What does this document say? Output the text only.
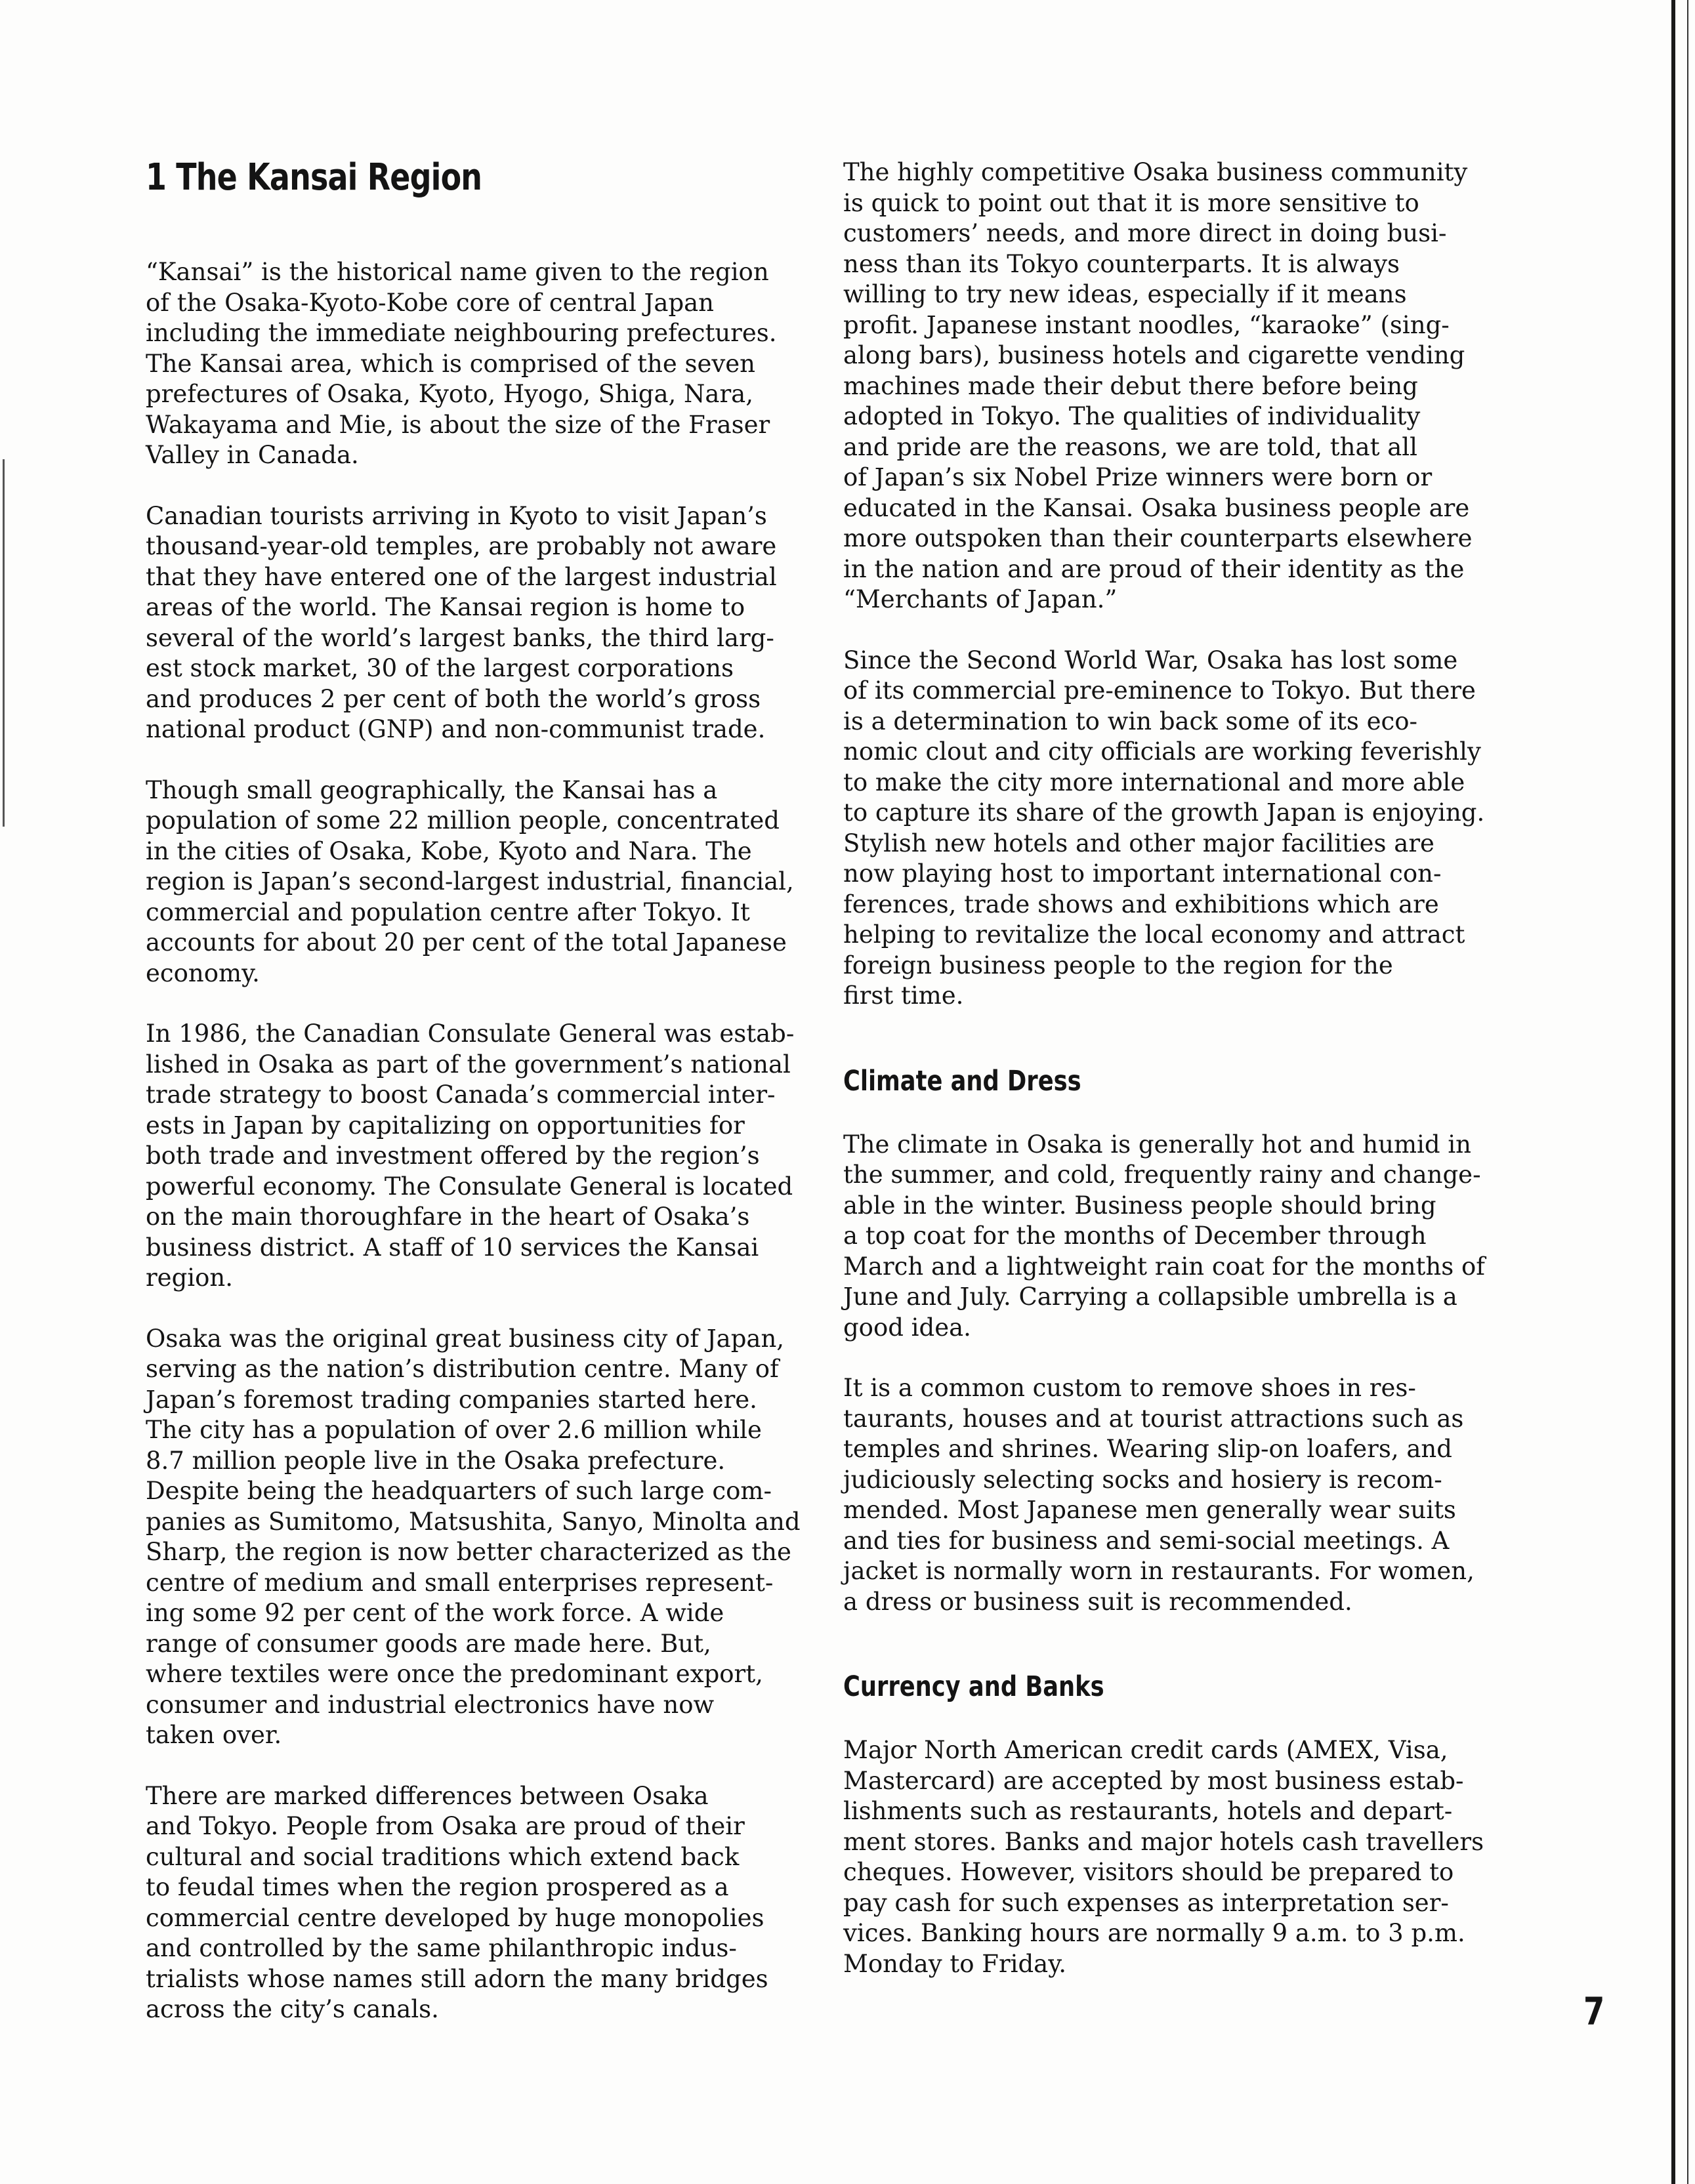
1 The Kansai Region

“Kansai” is the historical name given to the region
of the Osaka-Kyoto-Kobe core of central Japan
including the immediate neighbouring prefectures.
The Kansai area, which is comprised of the seven
prefectures of Osaka, Kyoto, Hyogo, Shiga, Nara,
Wakayama and Mie, is about the size of the Fraser
Valley in Canada.

Canadian tourists arriving in Kyoto to visit Japan’s
thousand-year-old temples, are probably not aware
that they have entered one of the largest industrial
areas of the world. The Kansai region is home to
several of the world’s largest banks, the third larg-
est stock market, 30 of the largest corporations
and produces 2 per cent of both the world’s gross
national product (GNP) and non-communist trade.

Though small geographically, the Kansai has a
population of some 22 million people, concentrated
in the cities of Osaka, Kobe, Kyoto and Nara. The
region is Japan’s second-largest industrial, financial,
commercial and population centre after Tokyo. It
accounts for about 20 per cent of the total Japanese
economy.

In 1986, the Canadian Consulate General was estab-
lished in Osaka as part of the government’s national
trade strategy to boost Canada’s commercial inter-
ests in Japan by capitalizing on opportunities for
both trade and investment offered by the region’s
powerful economy. The Consulate General is located
on the main thoroughfare in the heart of Osaka’s
business district. A staff of 10 services the Kansai
region.

Osaka was the original great business city of Japan,
serving as the nation’s distribution centre. Many of
Japan’s foremost trading companies started here.
The city has a population of over 2.6 million while
8.7 million people live in the Osaka prefecture.
Despite being the headquarters of such large com-
panies as Sumitomo, Matsushita, Sanyo, Minolta and
Sharp, the region is now better characterized as the
centre of medium and small enterprises represent-
ing some 92 per cent of the work force. A wide
range of consumer goods are made here. But,
where textiles were once the predominant export,
consumer and industrial electronics have now
taken over.

There are marked differences between Osaka
and Tokyo. People from Osaka are proud of their
cultural and social traditions which extend back
to feudal times when the region prospered as a
commercial centre developed by huge monopolies
and controlled by the same philanthropic indus-
trialists whose names still adorn the many bridges
across the city’s canals.

The highly competitive Osaka business community
is quick to point out that it is more sensitive to
customers’ needs, and more direct in doing busi-
ness than its Tokyo counterparts. It is always
willing to try new ideas, especially if it means
profit. Japanese instant noodles, “karaoke” (sing-
along bars), business hotels and cigarette vending
machines made their debut there before being
adopted in Tokyo. The qualities of individuality
and pride are the reasons, we are told, that all
of Japan’s six Nobel Prize winners were born or
educated in the Kansai. Osaka business people are
more outspoken than their counterparts elsewhere
in the nation and are proud of their identity as the
“Merchants of Japan.”

Since the Second World War, Osaka has lost some
of its commercial pre-eminence to Tokyo. But there
is a determination to win back some of its eco-
nomic clout and city officials are working feverishly
to make the city more international and more able
to capture its share of the growth Japan is enjoying.
Stylish new hotels and other major facilities are
now playing host to important international con-
ferences, trade shows and exhibitions which are
helping to revitalize the local economy and attract
foreign business people to the region for the
first time.

Climate and Dress

The climate in Osaka is generally hot and humid in
the summer, and cold, frequently rainy and change-
able in the winter. Business people should bring
a top coat for the months of December through
March and a lightweight rain coat for the months of
June and July. Carrying a collapsible umbrella is a
good idea.

It is a common custom to remove shoes in res-
taurants, houses and at tourist attractions such as
temples and shrines. Wearing slip-on loafers, and
judiciously selecting socks and hosiery is recom-
mended. Most Japanese men generally wear suits
and ties for business and semi-social meetings. A
jacket is normally worn in restaurants. For women,
a dress or business suit is recommended.

Currency and Banks

Major North American credit cards (AMEX, Visa,
Mastercard) are accepted by most business estab-
lishments such as restaurants, hotels and depart-
ment stores. Banks and major hotels cash travellers
cheques. However, visitors should be prepared to
pay cash for such expenses as interpretation ser-
vices. Banking hours are normally 9 a.m. to 3 p.m.
Monday to Friday.

7
